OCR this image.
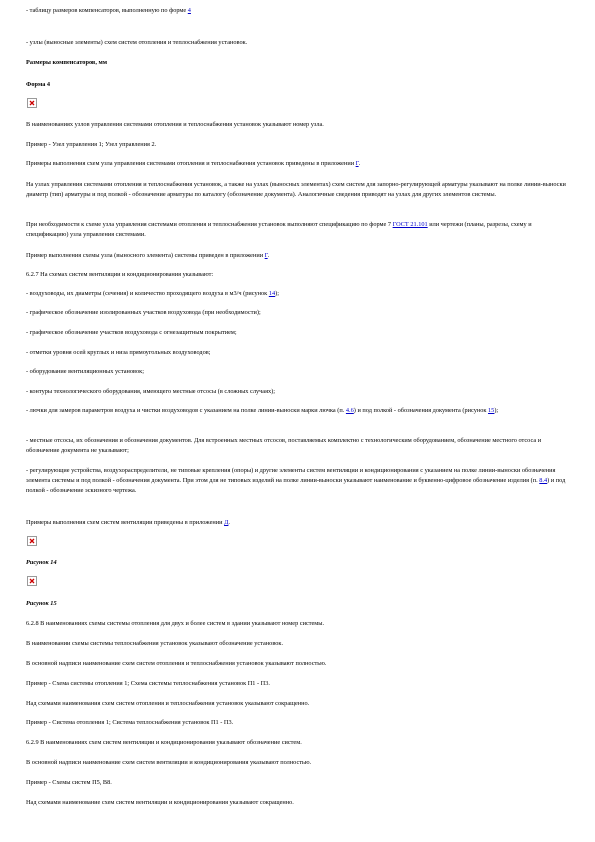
- таблицу размеров компенсаторов, выполненную по форме 4

- узлы (выносные элементы) схем систем отопления и теплоснабжения установок.

Размеры компенсаторов, мм

Форма 4

В наименованиях узлов управления системами отопления и теплоснабжения установок указывают номер узла.

Пример - Узел управления 1; Узел управления 2.

Примеры выполнения схем узла управления системами отопления и теплоснабжения установок приведены в приложении Г.

На узлах управления системами отопления и теплоснабжения установок, а также на узлах (выносных элементах) схем систем для запорно-регулирующей арматуры указывают на полке линии-выноски диаметр (тип) арматуры и под полкой - обозначение арматуры по каталогу (обозначение документа). Аналогичные сведения приводят на узлах для других элементов системы.

При необходимости к схеме узла управления системами отопления и теплоснабжения установок выполняют спецификацию по форме 7 ГОСТ 21.101 или чертежи (планы, разрезы, схему и спецификацию) узла управления системами.

Пример выполнения схемы узла (выносного элемента) системы приведен в приложении Г.

6.2.7 На схемах систем вентиляции и кондиционирования указывают:

- воздуховоды, их диаметры (сечения) и количество проходящего воздуха в м3/ч (рисунок 14);

- графическое обозначение изолированных участков воздуховода (при необходимости);

- графическое обозначение участков воздуховода с огнезащитным покрытием;

- отметки уровня осей круглых и низа прямоугольных воздуховодов;

- оборудование вентиляционных установок;

- контуры технологического оборудования, имеющего местные отсосы (в сложных случаях);

- лючки для замеров параметров воздуха и чистки воздуховодов с указанием на полке линии-выноски марки лючка (п. 4.6) и под полкой - обозначения документа (рисунок 15);

- местные отсосы, их обозначения и обозначения документов. Для встроенных местных отсосов, поставляемых комплектно с технологическим оборудованием, обозначение местного отсоса и обозначение документа не указывают;

- регулирующие устройства, воздухораспределители, не типовые крепления (опоры) и другие элементы систем вентиляции и кондиционирования с указанием на полке линии-выноски обозначения элемента системы и под полкой - обозначения документа. При этом для не типовых изделий на полке линии-выноски указывают наименование и буквенно-цифровое обозначение изделия (п. 8.4) и под полкой - обозначение эскизного чертежа.

Примеры выполнения схем систем вентиляции приведены в приложении Д.

Рисунок 14

Рисунок 15

6.2.8 В наименованиях схемы системы отопления для двух и более систем в здании указывают номер системы.

В наименовании схемы системы теплоснабжения установок указывают обозначение установок.

В основной надписи наименование схем систем отопления и теплоснабжения установок указывают полностью.

Пример - Схема системы отопления 1; Схема системы теплоснабжения установок П1 - П3.

Над схемами наименования схем систем отопления и теплоснабжения установок указывают сокращенно.

Пример - Система отопления 1; Система теплоснабжения установок П1 - П3.

6.2.9 В наименованиях схем систем вентиляции и кондиционирования указывают обозначение систем.

В основной надписи наименование схем систем вентиляции и кондиционирования указывают полностью.

Пример - Схемы систем П5, В8.

Над схемами наименование схем систем вентиляции и кондиционирования указывают сокращенно.
